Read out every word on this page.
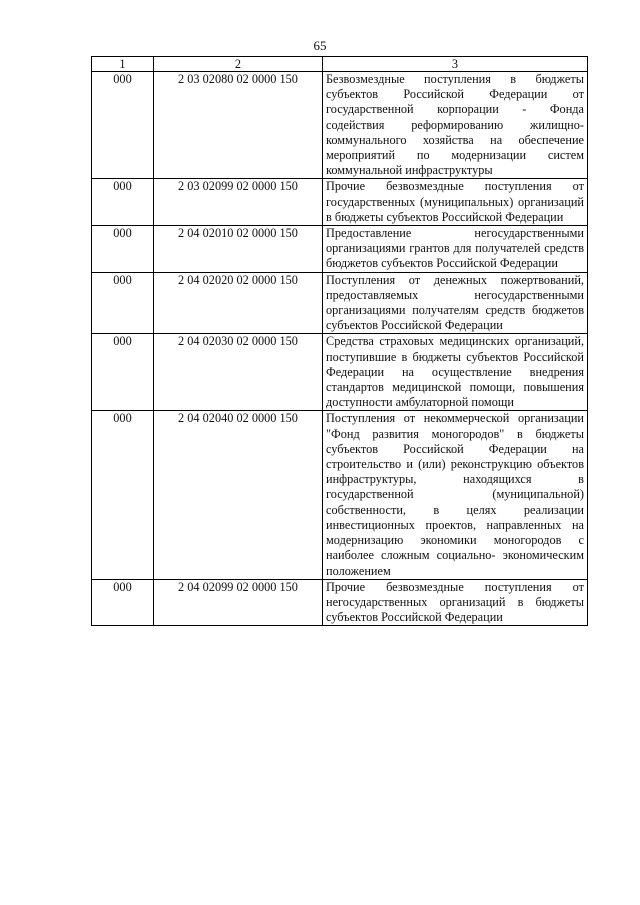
65
1	2	3
000	2 03 02080 02 0000 150	Безвозмездные поступления в бюджеты субъектов Российской Федерации от государственной корпорации - Фонда содействия реформированию жилищно- коммунального хозяйства на обеспечение мероприятий по модернизации систем коммунальной инфраструктуры
000	2 03 02099 02 0000 150	Прочие безвозмездные поступления от государственных (муниципальных) организаций в бюджеты субъектов Российской Федерации
000	2 04 02010 02 0000 150	Предоставление негосударственными организациями грантов для получателей средств бюджетов субъектов Российской Федерации
000	2 04 02020 02 0000 150	Поступления от денежных пожертвований, предоставляемых негосударственными организациями получателям средств бюджетов субъектов Российской Федерации
000	2 04 02030 02 0000 150	Средства страховых медицинских организаций, поступившие в бюджеты субъектов Российской Федерации на осуществление внедрения стандартов медицинской помощи, повышения доступности амбулаторной помощи
000	2 04 02040 02 0000 150	Поступления от некоммерческой организации "Фонд развития моногородов" в бюджеты субъектов Российской Федерации на строительство и (или) реконструкцию объектов инфраструктуры, находящихся в государственной (муниципальной) собственности, в целях реализации инвестиционных проектов, направленных на модернизацию экономики моногородов с наиболее сложным социально- экономическим положением
000	2 04 02099 02 0000 150	Прочие безвозмездные поступления от негосударственных организаций в бюджеты субъектов Российской Федерации
